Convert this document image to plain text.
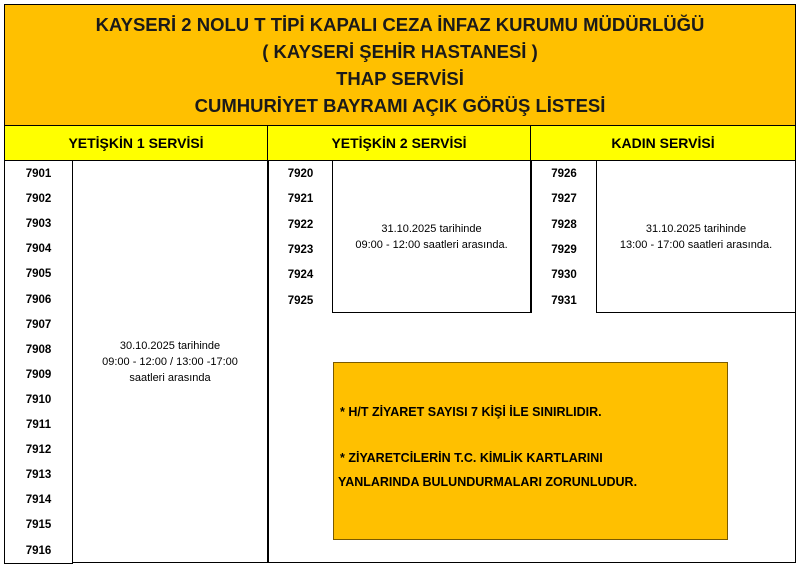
KAYSERİ 2 NOLU T TİPİ KAPALI CEZA İNFAZ KURUMU MÜDÜRLÜĞÜ
( KAYSERİ ŞEHİR HASTANESİ )
THAP SERVİSİ
CUMHURİYET BAYRAMI AÇIK GÖRÜŞ LİSTESİ
YETİŞKİN 1 SERVİSİ	YETİŞKİN 2 SERVİSİ	KADIN SERVİSİ
7901
7902
7903
7904
7905
7906
7907
7908
7909
7910
7911
7912
7913
7914
7915
7916
30.10.2025 tarihinde
09:00 - 12:00 / 13:00 -17:00
saatleri arasında
7920
7921
7922
7923
7924
7925
31.10.2025 tarihinde
09:00 - 12:00 saatleri arasında.
7926
7927
7928
7929
7930
7931
31.10.2025 tarihinde
13:00 - 17:00 saatleri arasında.
* H/T ZİYARET SAYISI 7 KİŞİ İLE SINIRLIDIR.
* ZİYARETCİLERİN T.C. KİMLİK KARTLARINI
YANLARINDA BULUNDURMALARI ZORUNLUDUR.
